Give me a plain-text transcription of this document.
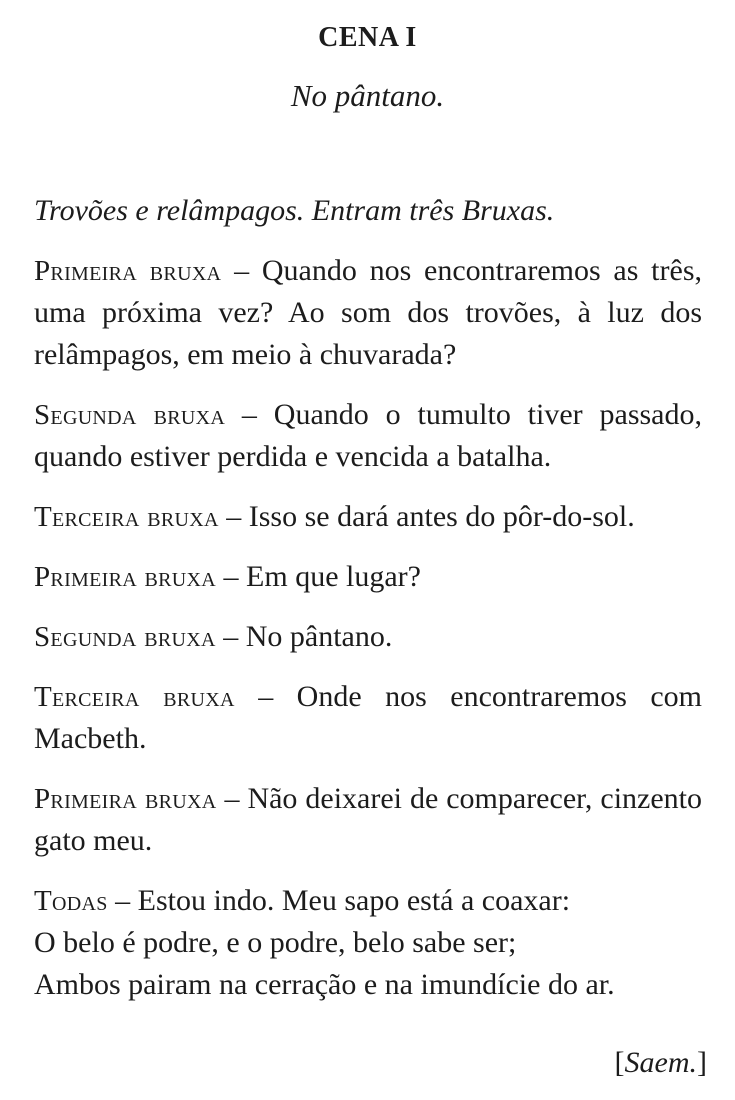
CENA I

No pântano.

Trovões e relâmpagos. Entram três Bruxas.

Primeira bruxa – Quando nos encontraremos as três, uma próxima vez? Ao som dos trovões, à luz dos relâmpagos, em meio à chuvarada?

Segunda bruxa – Quando o tumulto tiver passado, quando estiver perdida e vencida a batalha.

Terceira bruxa – Isso se dará antes do pôr-do-sol.

Primeira bruxa – Em que lugar?

Segunda bruxa – No pântano.

Terceira bruxa – Onde nos encontraremos com Macbeth.

Primeira bruxa – Não deixarei de comparecer, cinzento gato meu.

Todas – Estou indo. Meu sapo está a coaxar:
O belo é podre, e o podre, belo sabe ser;
Ambos pairam na cerração e na imundície do ar.

[Saem.]
